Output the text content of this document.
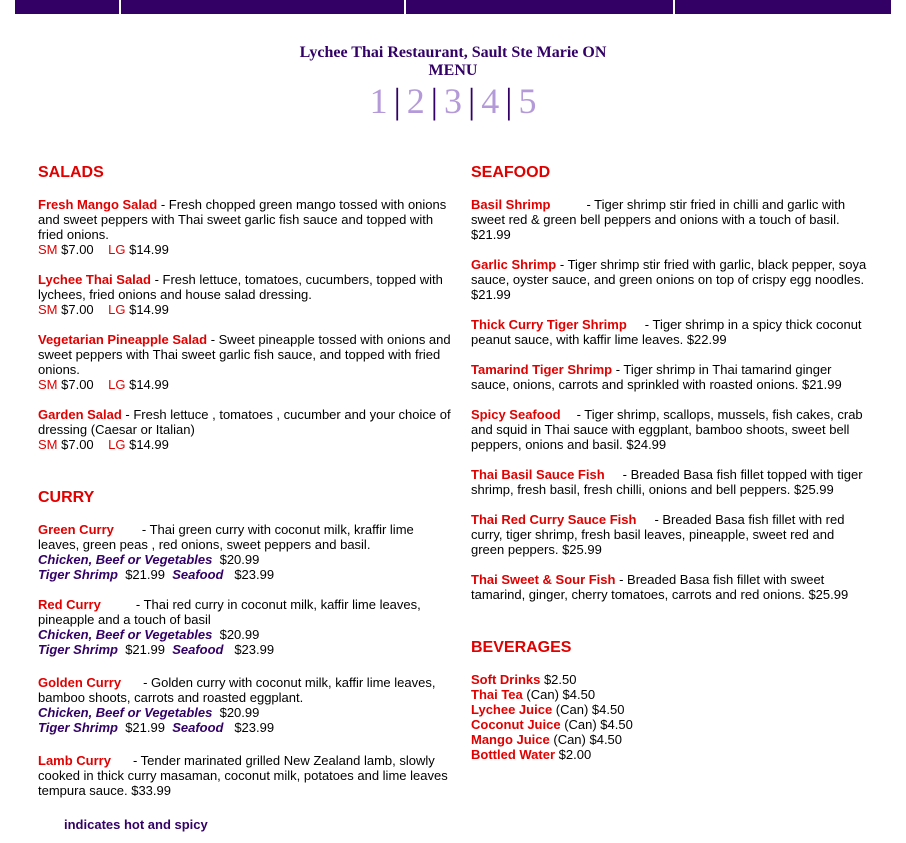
Lychee Thai Restaurant, Sault Ste Marie ON
MENU
1 | 2 | 3 | 4 | 5
SALADS
Fresh Mango Salad - Fresh chopped green mango tossed with onions and sweet peppers with Thai sweet garlic fish sauce and topped with fried onions.
SM $7.00 LG $14.99
Lychee Thai Salad - Fresh lettuce, tomatoes, cucumbers, topped with lychees, fried onions and house salad dressing.
SM $7.00 LG $14.99
Vegetarian Pineapple Salad - Sweet pineapple tossed with onions and sweet peppers with Thai sweet garlic fish sauce, and topped with fried onions.
SM $7.00 LG $14.99
Garden Salad - Fresh lettuce , tomatoes , cucumber and your choice of dressing (Caesar or Italian)
SM $7.00 LG $14.99
CURRY
Green Curry - Thai green curry with coconut milk, kraffir lime leaves, green peas , red onions, sweet peppers and basil.
Chicken, Beef or Vegetables $20.99
Tiger Shrimp $21.99 Seafood $23.99
Red Curry	- Thai red curry in coconut milk, kaffir lime leaves, pineapple and a touch of basil
Chicken, Beef or Vegetables $20.99
Tiger Shrimp $21.99 Seafood $23.99
Golden Curry - Golden curry with coconut milk, kaffir lime leaves, bamboo shoots, carrots and roasted eggplant.
Chicken, Beef or Vegetables $20.99
Tiger Shrimp $21.99 Seafood $23.99
Lamb Curry - Tender marinated grilled New Zealand lamb, slowly cooked in thick curry masaman, coconut milk, potatoes and lime leaves tempura sauce. $33.99
SEAFOOD
Basil Shrimp	- Tiger shrimp stir fried in chilli and garlic with sweet red & green bell peppers and onions with a touch of basil. $21.99
Garlic Shrimp - Tiger shrimp stir fried with garlic, black pepper, soya sauce, oyster sauce, and green onions on top of crispy egg noodles. $21.99
Thick Curry Tiger Shrimp - Tiger shrimp in a spicy thick coconut peanut sauce, with kaffir lime leaves. $22.99
Tamarind Tiger Shrimp - Tiger shrimp in Thai tamarind ginger sauce, onions, carrots and sprinkled with roasted onions. $21.99
Spicy Seafood - Tiger shrimp, scallops, mussels, fish cakes, crab and squid in Thai sauce with eggplant, bamboo shoots, sweet bell peppers, onions and basil. $24.99
Thai Basil Sauce Fish - Breaded Basa fish fillet topped with tiger shrimp, fresh basil, fresh chilli, onions and bell peppers. $25.99
Thai Red Curry Sauce Fish - Breaded Basa fish fillet with red curry, tiger shrimp, fresh basil leaves, pineapple, sweet red and green peppers. $25.99
Thai Sweet & Sour Fish - Breaded Basa fish fillet with sweet tamarind, ginger, cherry tomatoes, carrots and red onions. $25.99
BEVERAGES
Soft Drinks $2.50
Thai Tea (Can) $4.50
Lychee Juice (Can) $4.50
Coconut Juice (Can) $4.50
Mango Juice (Can) $4.50
Bottled Water $2.00
indicates hot and spicy
